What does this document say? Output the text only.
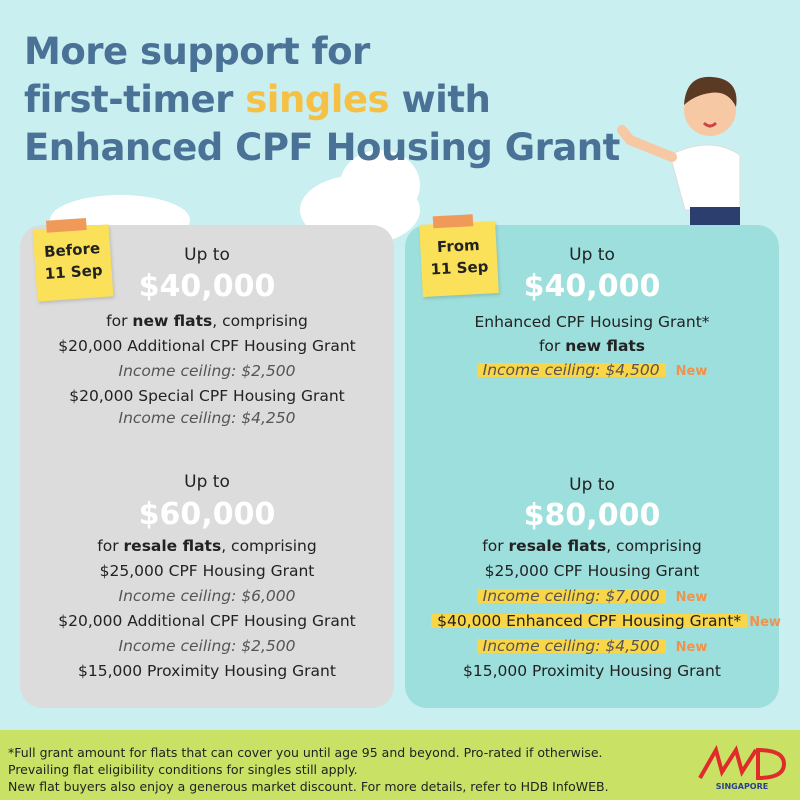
More support for
first-timer singles with
Enhanced CPF Housing Grant
Before
11 Sep
Up to
$40,000
for new flats, comprising
$20,000 Additional CPF Housing Grant
Income ceiling: $2,500
$20,000 Special CPF Housing Grant
Income ceiling: $4,250
Up to
$60,000
for resale flats, comprising
$25,000 CPF Housing Grant
Income ceiling: $6,000
$20,000 Additional CPF Housing Grant
Income ceiling: $2,500
$15,000 Proximity Housing Grant
From
11 Sep
Up to
$40,000
Enhanced CPF Housing Grant*
for new flats
Income ceiling: $4,500 New
Up to
$80,000
for resale flats, comprising
$25,000 CPF Housing Grant
Income ceiling: $7,000 New
$40,000 Enhanced CPF Housing Grant* New
Income ceiling: $4,500 New
$15,000 Proximity Housing Grant
*Full grant amount for flats that can cover you until age 95 and beyond. Pro-rated if otherwise.
Prevailing flat eligibility conditions for singles still apply.
New flat buyers also enjoy a generous market discount. For more details, refer to HDB InfoWEB.	SINGAPORE
